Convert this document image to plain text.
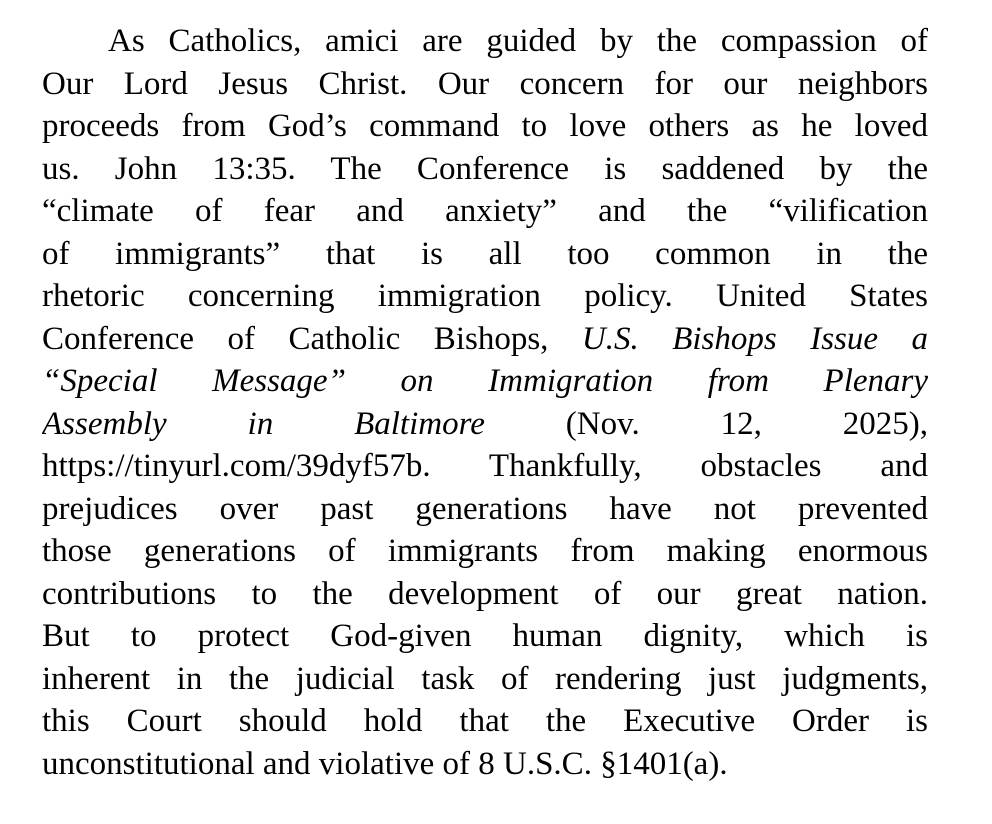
As Catholics, amici are guided by the compassion of
Our Lord Jesus Christ. Our concern for our neighbors
proceeds from God’s command to love others as he loved
us. John 13:35. The Conference is saddened by the
“climate of fear and anxiety” and the “vilification
of immigrants” that is all too common in the
rhetoric concerning immigration policy. United States
Conference of Catholic Bishops, U.S. Bishops Issue a
“Special Message” on Immigration from Plenary
Assembly in Baltimore (Nov. 12, 2025),
https://tinyurl.com/39dyf57b. Thankfully, obstacles and
prejudices over past generations have not prevented
those generations of immigrants from making enormous
contributions to the development of our great nation.
But to protect God-given human dignity, which is
inherent in the judicial task of rendering just judgments,
this Court should hold that the Executive Order is
unconstitutional and violative of 8 U.S.C. §1401(a).
